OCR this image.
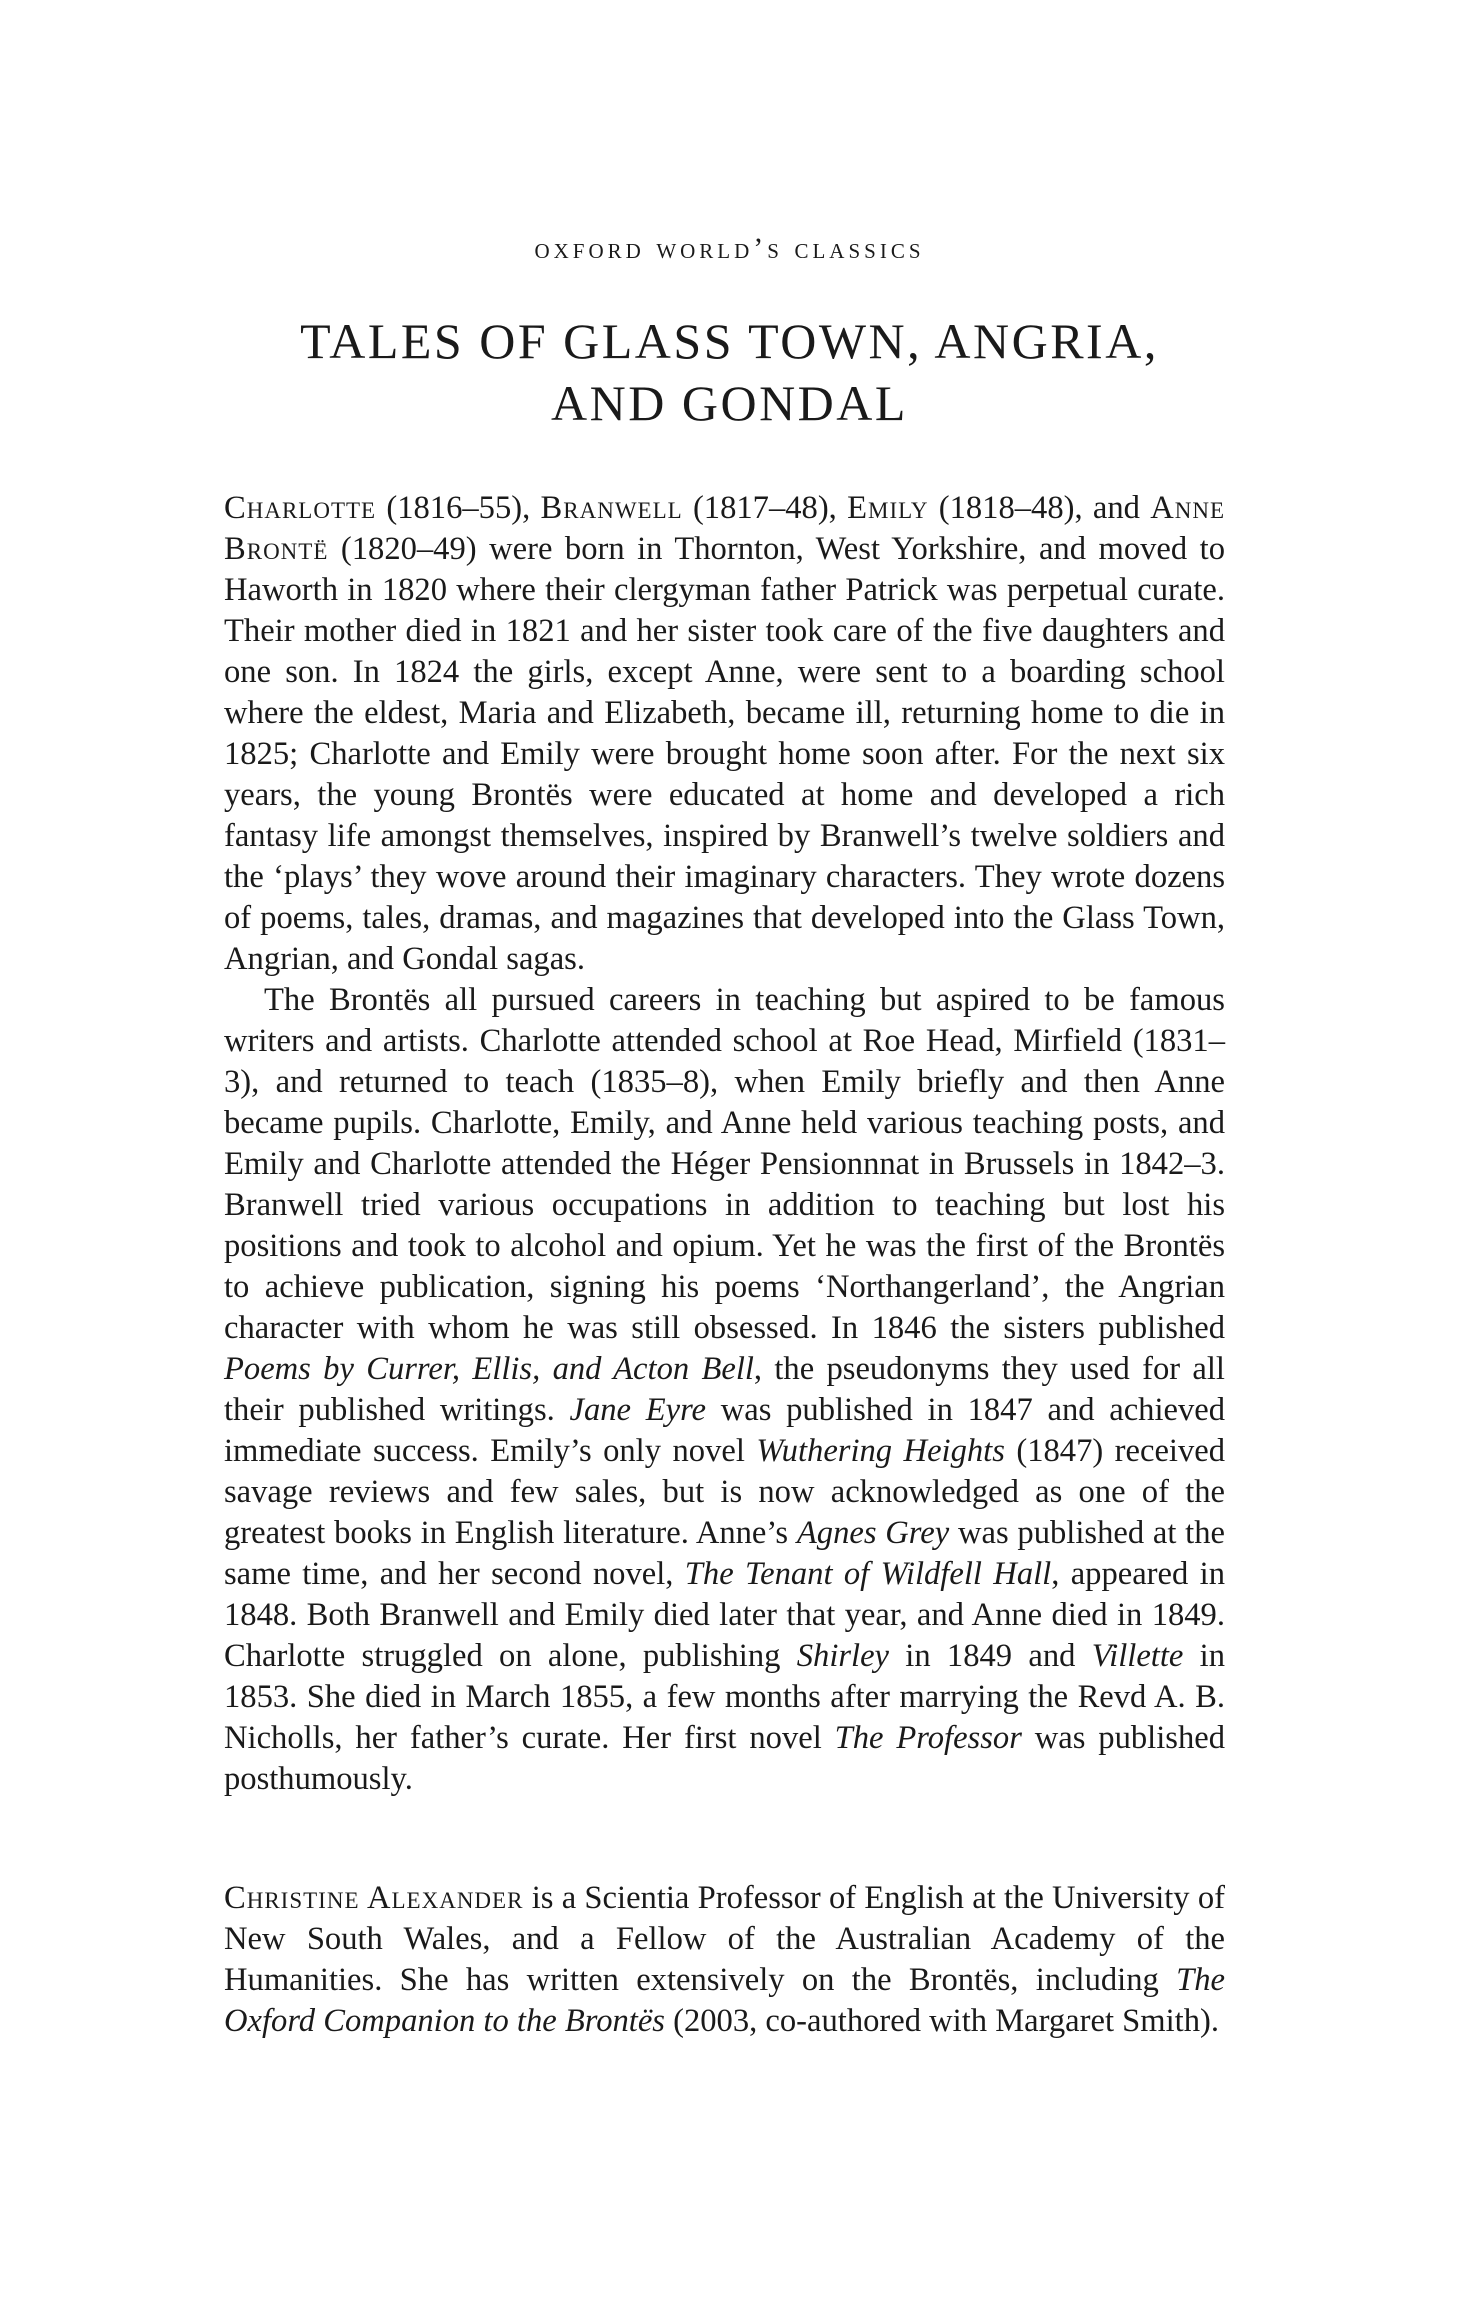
oxford world’s classics
TALES OF GLASS TOWN, ANGRIA,
AND GONDAL

Charlotte (1816–55), Branwell (1817–48), Emily (1818–48), and Anne Brontë (1820–49) were born in Thornton, West Yorkshire, and moved to Haworth in 1820 where their clergyman father Patrick was perpetual curate. Their mother died in 1821 and her sister took care of the five daughters and one son. In 1824 the girls, except Anne, were sent to a boarding school where the eldest, Maria and Elizabeth, became ill, returning home to die in 1825; Charlotte and Emily were brought home soon after. For the next six years, the young Brontës were educated at home and developed a rich fantasy life amongst themselves, inspired by Branwell’s twelve soldiers and the ‘plays’ they wove around their imaginary characters. They wrote dozens of poems, tales, dramas, and magazines that developed into the Glass Town, Angrian, and Gondal sagas.

The Brontës all pursued careers in teaching but aspired to be famous writers and artists. Charlotte attended school at Roe Head, Mirfield (1831–3), and returned to teach (1835–8), when Emily briefly and then Anne became pupils. Charlotte, Emily, and Anne held various teaching posts, and Emily and Charlotte attended the Héger Pensionnnat in Brussels in 1842–3. Branwell tried various occupations in addition to teaching but lost his positions and took to alcohol and opium. Yet he was the first of the Brontës to achieve publication, signing his poems ‘Northangerland’, the Angrian character with whom he was still obsessed. In 1846 the sisters published Poems by Currer, Ellis, and Acton Bell, the pseudonyms they used for all their published writings. Jane Eyre was published in 1847 and achieved immediate success. Emily’s only novel Wuthering Heights (1847) received savage reviews and few sales, but is now acknowledged as one of the greatest books in English literature. Anne’s Agnes Grey was published at the same time, and her second novel, The Tenant of Wildfell Hall, appeared in 1848. Both Branwell and Emily died later that year, and Anne died in 1849. Charlotte struggled on alone, publishing Shirley in 1849 and Villette in 1853. She died in March 1855, a few months after marrying the Revd A. B. Nicholls, her father’s curate. Her first novel The Professor was published posthumously.

Christine Alexander is a Scientia Professor of English at the University of New South Wales, and a Fellow of the Australian Academy of the Humanities. She has written extensively on the Brontës, including The Oxford Companion to the Brontës (2003, co-authored with Margaret Smith).
